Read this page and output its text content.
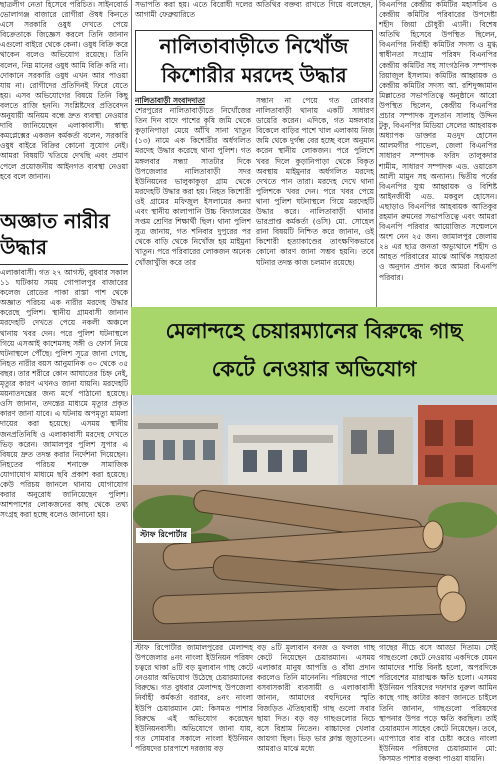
ছাত্রলীগ নেতা হিসেবে পরিচিত। সাইনবোর্ড ভোলাগঞ্জ বাজারে রোগীরা ঔষধ কিনতে এসে সরকারি ওষুধ দেখতে পেয়ে বিক্রেতাকে জিজ্ঞেস করলে তিনি জানান এগুলো বাইরে থেকে কেনা। ওষুধ বিক্রি করে থাকেন বলেও অভিযোগ রয়েছে। তিনি বলেন, নিম্ন মানের ওষুধ আমি বিক্রি করি না। দোকানে সরকারি ওষুধ এখন আর পাওয়া যায় না। রোগীদের প্রতিদিনই ফিরে যেতে হয়। এসব অভিযোগের বিষয়ে তিনি কিছু বলতে রাজি হননি। সংশ্লিষ্টদের প্রতিবেদন অনুযায়ী অনিয়ম বন্ধে দ্রুত ব্যবস্থা নেওয়ার দাবি জানিয়েছেন এলাকাবাসী। স্বাস্থ্য কমপ্লেক্সের একজন কর্মকর্তা বলেন, সরকারি ওষুধ বাইরে বিক্রির কোনো সুযোগ নেই। আমরা বিষয়টি খতিয়ে দেখছি এবং প্রমাণ পেলে প্রয়োজনীয় আইনগত ব্যবস্থা নেওয়া হবে বলে জানান।

অজ্ঞাত নারীর
উদ্ধার

এলাকাবাসী। গত ২৭ আগস্ট, বুধবার সকাল ১১ ঘটিকায় সময় গোপালপুর বাজারের কলেজ রোডের পাকা রাস্তা পাশ থেকে অজ্ঞাত পরিচয় এক নারীর মরদেহ উদ্ধার করেছে পুলিশ। স্থানীয় গ্রামবাসী জানান মরদেহটি দেখতে পেয়ে নকলী অঞ্চলে থানায় খবর দেন। পরে পুলিশ ঘটনাস্থলে গিয়ে এসআই কাশেমসহ সঙ্গী ও ফোর্স নিয়ে ঘটনাস্থলে পৌঁছে। পুলিশ সূত্রে জানা গেছে, নিহত নারীর বয়স আনুমানিক ৩০ থেকে ৩৫ বছর। তার শরীরে কোন আঘাতের চিহ্ন নেই, মৃত্যুর কারণ এখনও জানা যায়নি। মরদেহটি ময়নাতদন্তের জন্য মর্গে পাঠানো হয়েছে। ওসি জানান, তদন্তের মাধ্যমে মৃত্যুর প্রকৃত কারণ জানা যাবে। এ ঘটনায় অপমৃত্যু মামলা দায়ের করা হয়েছে। এসময় স্থানীয় জনপ্রতিনিধি ও এলাকাবাসী মরদেহ দেখতে ভিড় করেন। জামালপুর পুলিশ সুপার এ বিষয়ে দ্রুত তদন্ত করার নির্দেশনা দিয়েছেন। নিহতের পরিচয় শনাক্তে সামাজিক যোগাযোগ মাধ্যমে ছবি প্রকাশ করা হয়েছে। কেউ পরিচয় জানলে থানায় যোগাযোগ করার অনুরোধ জানিয়েছেন পুলিশ। আশপাশের লোকজনের কাছ থেকে তথ্য সংগ্রহ করা হচ্ছে বলেও জানানো হয়।

সভাপতি করা হয়। এতে বিরোধী দলের অতিথির বক্তব্য রাখতে গিয়ে বলেছেন, আগামী ফেব্রুয়ারিতে

নালিতাবাড়ীতে নিখোঁজ
কিশোরীর মরদেহ উদ্ধার

নালিতাবাড়ী সংবাদদাতা

শেরপুরের নালিতাবাড়ীতে নিখোঁজের তিন দিন বাদে পাশের কৃষি জমি থেকে কুড়ানিপাড়া মেয়ে আঁখি সানা খাতুন (১৩) নামে এক কিশোরীর অর্ধগলিত মরদেহ উদ্ধার করেছে থানা পুলিশ। গত মঙ্গলবার সন্ধ্যা সাতটার দিকে উপজেলার নালিতাবাড়ী সদর ইউনিয়নের ভালুকাকুড়া গ্রাম থেকে মরদেহটি উদ্ধার করা হয়। নিহত কিশোরী ওই গ্রামের মফিজুল ইসলামের কন্যা এবং স্থানীয় কালাপানি উচ্চ বিদ্যালয়ের সপ্তম শ্রেণির শিক্ষার্থী ছিল। থানা পুলিশ সুত্র জানায়, গত শনিবার দুপুরের পর থেকে বাড়ি থেকে নিখোঁজ হয় মাইমুনা খাতুন। পরে পরিবারের লোকজন অনেক খোঁজাখুঁজি করে তার

সন্ধান না পেয়ে গত রোববার নালিতাবাড়ী থানায় একটি সাধারণ ডায়েরি করেন। এদিকে, গত মঙ্গলবার বিকেলে বাড়ির পাশে খাল এলাকায় নিজ জমি থেকে দুর্গন্ধ বের হচ্ছে বলে অনুমান করেন স্থানীয় লোকজন। পরে পুলিশে খবর দিলে কুড়ানিপাড়া থেকে বিকৃত অবস্থায় মাইমুনার অর্ধগলিত মরদেহ দেখতে পান তারা। মরদেহ দেখে থানা পুলিশকে খবর দেন। পরে খবর পেয়ে থানা পুলিশ ঘটনাস্থলে গিয়ে মরদেহটি উদ্ধার করে। নালিতাবাড়ী থানার ভারপ্রাপ্ত কর্মকর্তা (ওসি) মো. সোহেল রানা বিষয়টি নিশ্চিত করে জানান, ওই কিশোরী হত্যাকাণ্ডের তাৎক্ষণিকভাবে কোনো কারণ জানা সম্ভব হয়নি। তবে ঘটনার তদন্ত কাজ চলমান রয়েছে।

বিএনপির কেন্দ্রীয় কমিটির মহাসচিব ও কেন্দ্রীয় কমিটির পরিবারের উপদেষ্টা শহীদ জিয়া চৌধুরী এ্যানী। বিশেষ অতিথি হিসেবে উপস্থিত ছিলেন, বিএনপির নির্বাহী কমিটির সদস্য ও মুগ্ধ স্বাধীনতা সংগ্রাম পরিষদ বিএনপির কেন্দ্রীয় কমিটির সহ সাংগঠনিক সম্পাদক রিয়াজুল ইসলাম। কমিটির আহ্বায়ক ও কেন্দ্রীয় কমিটির সদস্য আ. রশিদুজ্জামান মিল্লাতের সভাপতিত্বে অনুষ্ঠানে আরো উপস্থিত ছিলেন, কেন্দ্রীয় বিএনপির প্রচার সম্পাদক সুলতান সালাহ উদ্দিন টুকু, বিএনপির মিডিয়া সেলের আহবায়ক অধ্যাপক ডাক্তার মওদুদ হোসেন আলমগীর পাভেল, জেলা বিএনপির সাধারণ সম্পাদক ফরিদ তালুকদার শামীম, সাধারণ সম্পাদক এড. ওয়ারেস আলী মামুন সহ অন্যান্য। দ্বিতীয় পর্বের বিএনপির যুগ্ম আহ্বায়ক ও বিশিষ্ট আইনজীবী এড. মকবুল হোসেন। এছাড়াও বিএনপির আহবায়ক আতিকুর রহমান রুমনের সভাপতিত্বে এবং আমরা বিএনপি পরিবার আয়োজিত সম্মেলনে অংশ নেন ২৫ জন। জামালপুর জেলায় ২৪ এর ছাত্র জনতা অভ্যুত্থানে শহীদ ও আহত পরিবারের মাঝে আর্থিক সহায়তা ও অনুদান প্রদান করে আমরা বিএনপি পরিবার।

মেলান্দহে চেয়ারম্যানের বিরুদ্ধে গাছ
কেটে নেওয়ার অভিযোগ
স্টাফ রিপোর্টার

স্টাফ রিপোর্টার জামালপুরের মেলান্দহ উপজেলার ৪নং নাংলা ইউনিয়ন পরিষদ চত্বরে থাকা ৪টি বড় মুল্যবান গাছ কেটে নেওয়ার অভিযোগ উঠেছে চেয়ারম্যানের বিরুদ্ধে। গত বুধবার মেলান্দহ উপজেলা নির্বাহী কর্মকর্তা বরাবর, ৪নং নাংলা ইউপি চেয়ারম্যান মো: কিসমত পাশার বিরুদ্ধে এই অভিযোগ করেছেন ইউনিয়নবাসী। অভিযোগে জানা যায়, গত সোমবার সকালে নাংলা ইউনিয়ন পরিষদের চারপাশে দরজায় বড়

বড় ৪টি মূল্যবান বনজ ও ফলজ গাছ কেটে নিয়েছেন চেয়ারম্যান। এসময় এলাকার মানুষ আপত্তি ও বাঁধা প্রদান করলেও তিনি মানেননি। পরিষদের পাশে বসবাসকারী ব্যবসায়ী ও এলাকাবাসী জানান, আমাদের বহুদিনের স্মৃতি বিজড়িত ঐতিহ্যবাহী গাছ গুলো সবার ছায়া দিত। বড় বড় গাছগুলোর নিচে বসে বিশ্রাম নিতেন। বাচ্চাদের খেলার জায়গা ছিল। ভিড় ভার ক্লান্ত জুড়াতেন। আমরাও মাঝে মধ্যে

গাছের নীচে বসে আড্ডা দিতাম। সেই গাছগুলো কেটে নেওয়ায় একদিকে যেমন আমাদের শান্তি বিনষ্ট হলো, অপরদিকে পরিবেশের মারাত্মক ক্ষতি হলো। এসময় ইউনিয়ন পরিষদের দফাদার নুরুল আমিন কাছে গাছ কাটার কারণ জানতে চাইলে তিনি জানান, গাছগুলো পরিষদের স্থাপনার উপর পড়ে ক্ষতি করছিল। তাই চেয়ারম্যান সাহেব কেটে নিয়েছেন। তবে, এ্যাপ্যারে বার বার চেষ্টা করেও নাংলা ইউনিয়ন পরিষদের চেয়ারম্যান মো: কিসমত পাশার বক্তব্য পাওয়া যায়নি।
